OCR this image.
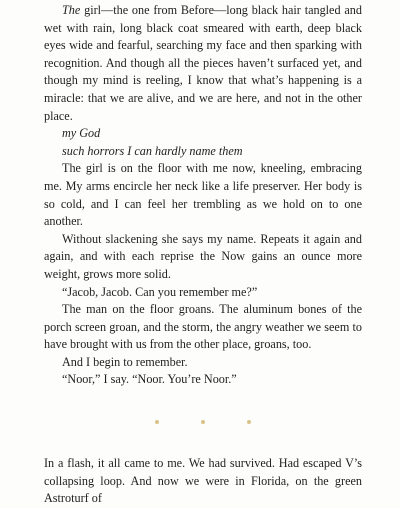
The girl—the one from Before—long black hair tangled and wet with rain, long black coat smeared with earth, deep black eyes wide and fearful, searching my face and then sparking with recognition. And though all the pieces haven’t surfaced yet, and though my mind is reeling, I know that what’s happening is a miracle: that we are alive, and we are here, and not in the other place.

my God

such horrors I can hardly name them

The girl is on the floor with me now, kneeling, embracing me. My arms encircle her neck like a life preserver. Her body is so cold, and I can feel her trembling as we hold on to one another.

Without slackening she says my name. Repeats it again and again, and with each reprise the Now gains an ounce more weight, grows more solid.

“Jacob, Jacob. Can you remember me?”

The man on the floor groans. The aluminum bones of the porch screen groan, and the storm, the angry weather we seem to have brought with us from the other place, groans, too.

And I begin to remember.

“Noor,” I say. “Noor. You’re Noor.”

In a flash, it all came to me. We had survived. Had escaped V’s collapsing loop. And now we were in Florida, on the green Astroturf of
